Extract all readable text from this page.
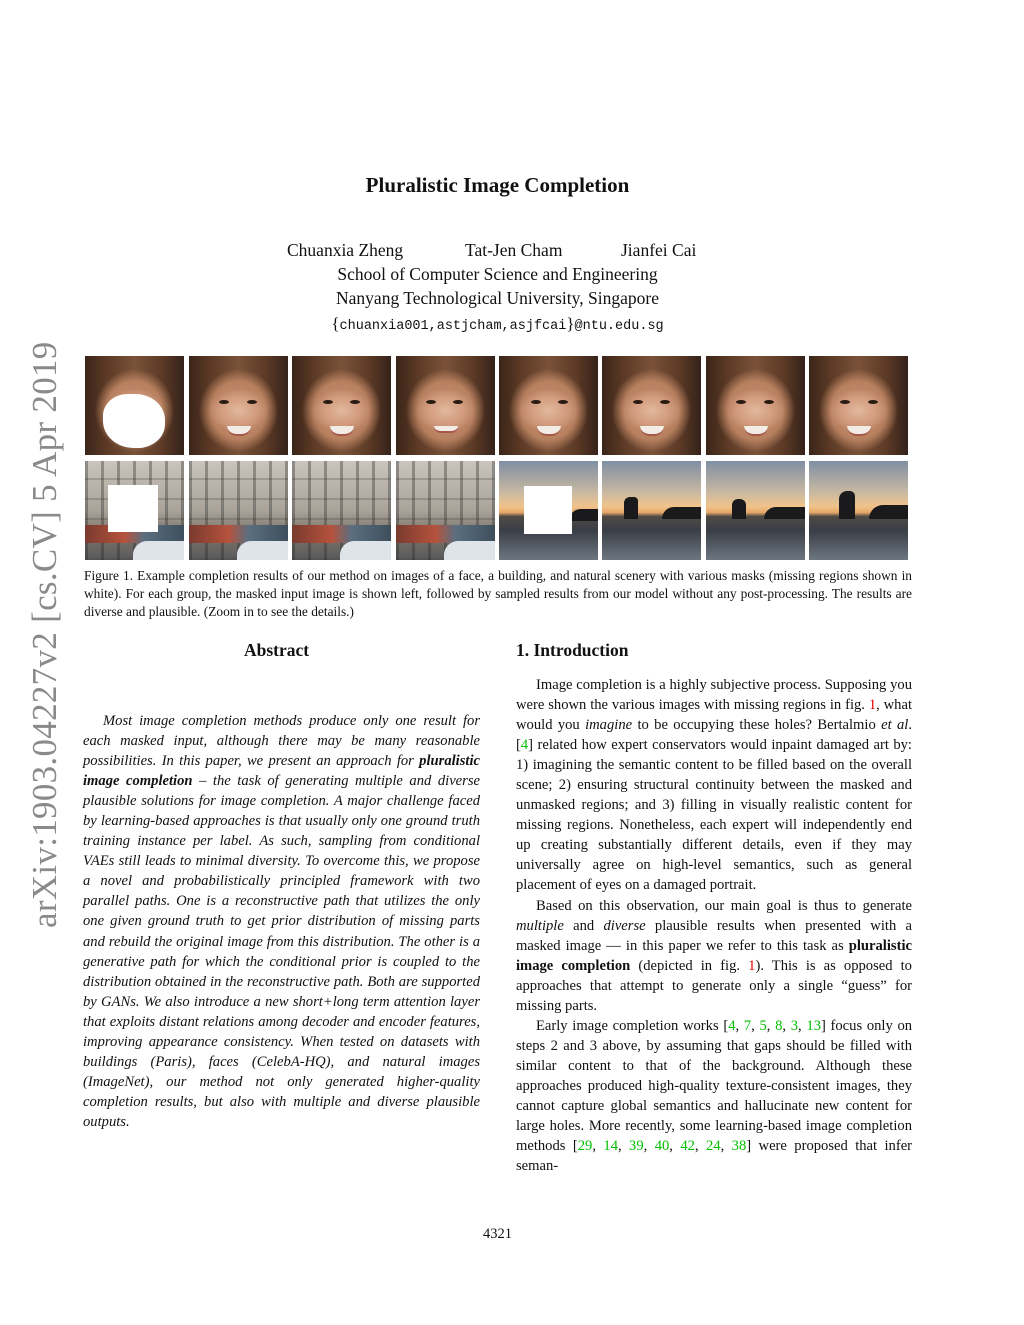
arXiv:1903.04227v2 [cs.CV] 5 Apr 2019
Pluralistic Image Completion
Chuanxia Zheng	Tat-Jen Cham	Jianfei Cai
School of Computer Science and Engineering
Nanyang Technological University, Singapore
{chuanxia001,astjcham,asjfcai}@ntu.edu.sg
Figure 1. Example completion results of our method on images of a face, a building, and natural scenery with various masks (missing regions shown in white). For each group, the masked input image is shown left, followed by sampled results from our model without any post-processing. The results are diverse and plausible. (Zoom in to see the details.)
Abstract

Most image completion methods produce only one result for each masked input, although there may be many reasonable possibilities. In this paper, we present an approach for pluralistic image completion – the task of generating multiple and diverse plausible solutions for image completion. A major challenge faced by learning-based approaches is that usually only one ground truth training instance per label. As such, sampling from conditional VAEs still leads to minimal diversity. To overcome this, we propose a novel and probabilistically principled framework with two parallel paths. One is a reconstructive path that utilizes the only one given ground truth to get prior distribution of missing parts and rebuild the original image from this distribution. The other is a generative path for which the conditional prior is coupled to the distribution obtained in the reconstructive path. Both are supported by GANs. We also introduce a new short+long term attention layer that exploits distant relations among decoder and encoder features, improving appearance consistency. When tested on datasets with buildings (Paris), faces (CelebA-HQ), and natural images (ImageNet), our method not only generated higher-quality completion results, but also with multiple and diverse plausible outputs.

1. Introduction

Image completion is a highly subjective process. Supposing you were shown the various images with missing regions in fig. 1, what would you imagine to be occupying these holes? Bertalmio et al. [4] related how expert conservators would inpaint damaged art by: 1) imagining the semantic content to be filled based on the overall scene; 2) ensuring structural continuity between the masked and unmasked regions; and 3) filling in visually realistic content for missing regions. Nonetheless, each expert will independently end up creating substantially different details, even if they may universally agree on high-level semantics, such as general placement of eyes on a damaged portrait.

Based on this observation, our main goal is thus to generate multiple and diverse plausible results when presented with a masked image — in this paper we refer to this task as pluralistic image completion (depicted in fig. 1). This is as opposed to approaches that attempt to generate only a single “guess” for missing parts.

Early image completion works [4, 7, 5, 8, 3, 13] focus only on steps 2 and 3 above, by assuming that gaps should be filled with similar content to that of the background. Although these approaches produced high-quality texture-consistent images, they cannot capture global semantics and hallucinate new content for large holes. More recently, some learning-based image completion methods [29, 14, 39, 40, 42, 24, 38] were proposed that infer seman-

4321
